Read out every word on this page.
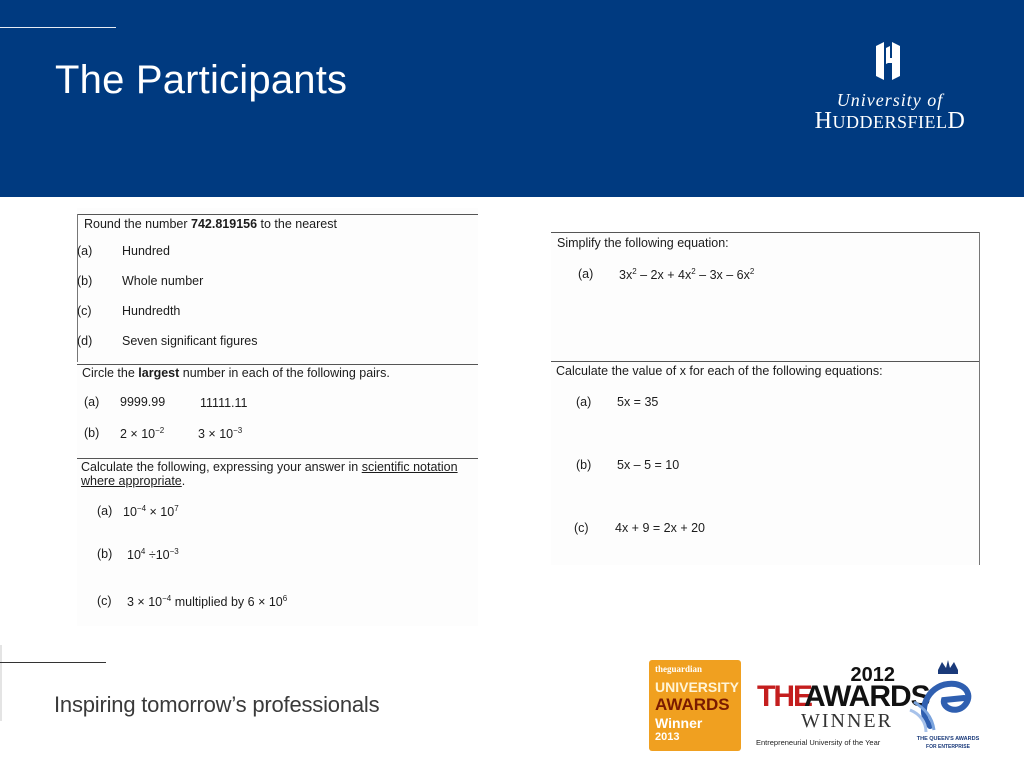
The Participants	University of
HUDDERSFIELD
Round the number 742.819156 to the nearest
(a) Hundred
(b) Whole number
(c) Hundredth
(d) Seven significant figures
Circle the largest number in each of the following pairs.
(a) 9999.99	11111.11
(b) $2 \times 10^{-2}$	$3 \times 10^{-3}$
Calculate the following, expressing your answer in scientific notation
where appropriate.
(a) $10^{-4} \times 10^7$
(b) $10^4 \div 10^{-3}$
(c) $3 \times 10^{-4}$ multiplied by $6 \times 10^6$
Simplify the following equation:
(a) $3x^2 - 2x + 4x^2 - 3x - 6x^2$
Calculate the value of x for each of the following equations:
(a) 5x = 35
(b) 5x – 5 = 10
(c) 4x + 9 = 2x + 20
Inspiring tomorrow’s professionals
theguardian
UNIVERSITY
AWARDS
Winner
2013
2012
THE
AWARDS
WINNER
Entrepreneurial University of the Year	THE QUEEN'S AWARDS
FOR ENTERPRISE
